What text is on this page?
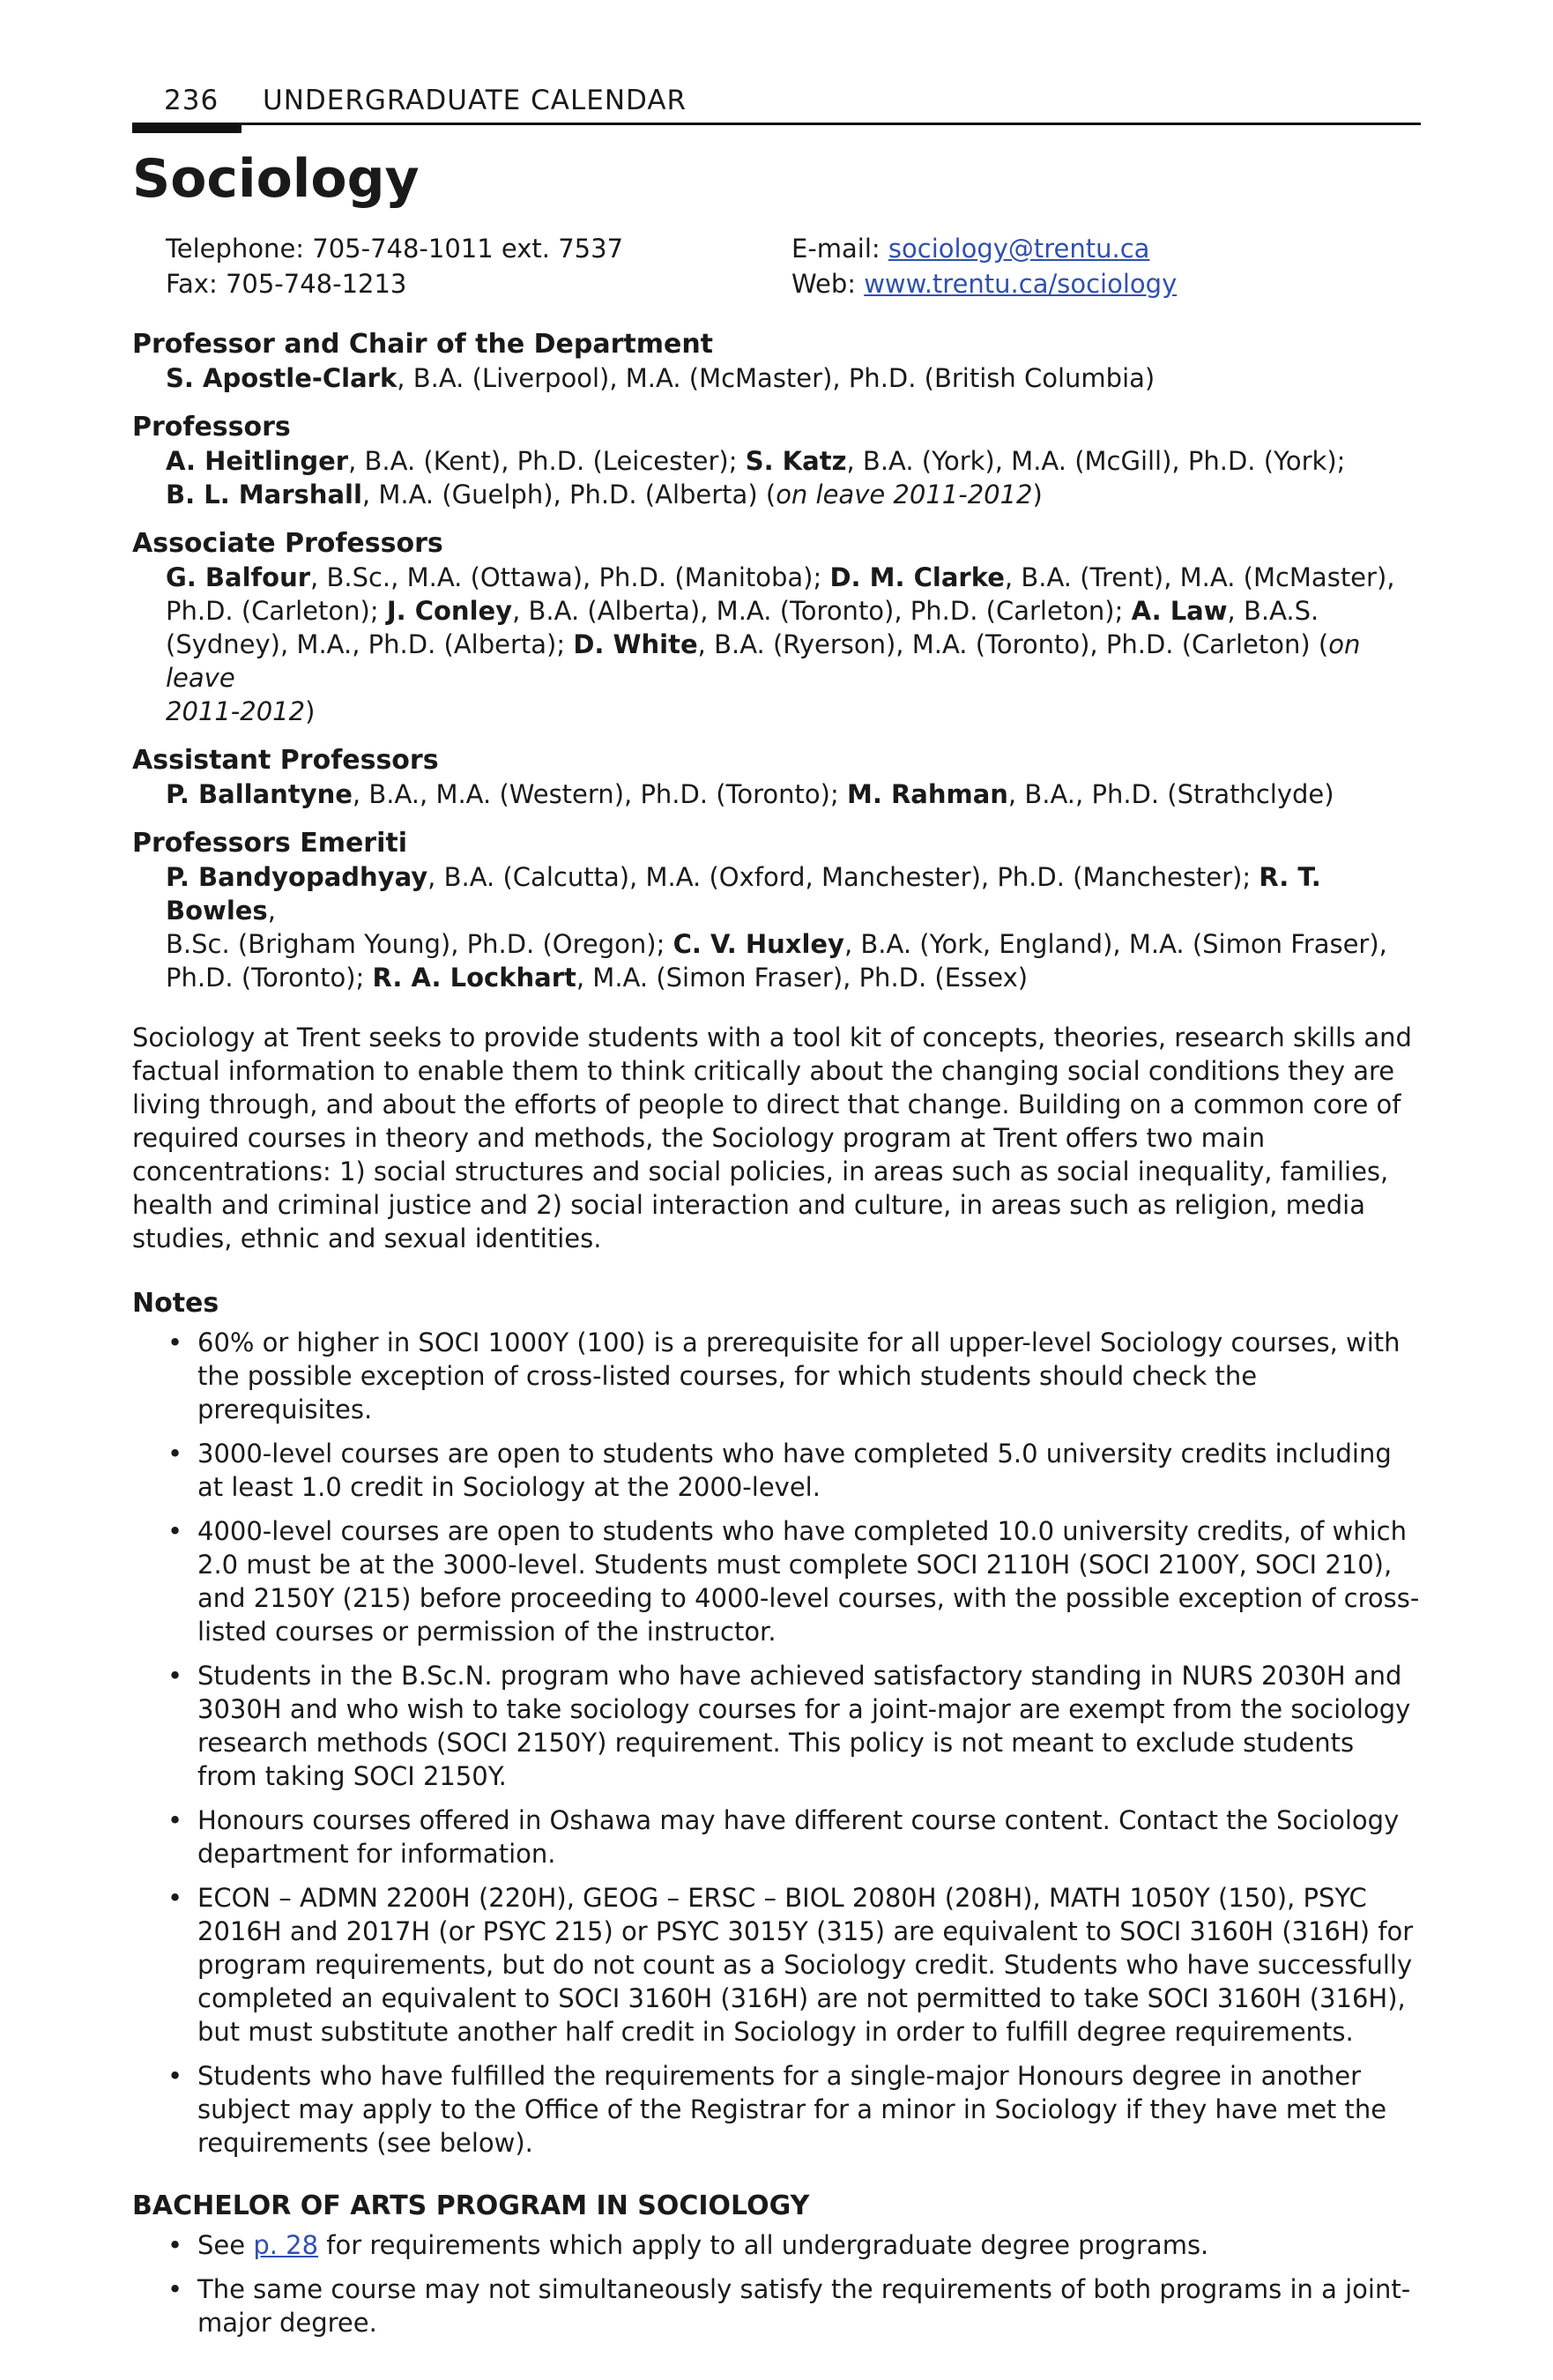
236 UNDERGRADUATE CALENDAR
Sociology
Telephone: 705-748-1011 ext. 7537
Fax: 705-748-1213
E-mail: sociology@trentu.ca
Web: www.trentu.ca/sociology
Professor and Chair of the Department
S. Apostle-Clark, B.A. (Liverpool), M.A. (McMaster), Ph.D. (British Columbia)
Professors
A. Heitlinger, B.A. (Kent), Ph.D. (Leicester); S. Katz, B.A. (York), M.A. (McGill), Ph.D. (York);
B. L. Marshall, M.A. (Guelph), Ph.D. (Alberta) (on leave 2011-2012)
Associate Professors
G. Balfour, B.Sc., M.A. (Ottawa), Ph.D. (Manitoba); D. M. Clarke, B.A. (Trent), M.A. (McMaster),
Ph.D. (Carleton); J. Conley, B.A. (Alberta), M.A. (Toronto), Ph.D. (Carleton); A. Law, B.A.S.
(Sydney), M.A., Ph.D. (Alberta); D. White, B.A. (Ryerson), M.A. (Toronto), Ph.D. (Carleton) (on leave
2011-2012)
Assistant Professors
P. Ballantyne, B.A., M.A. (Western), Ph.D. (Toronto); M. Rahman, B.A., Ph.D. (Strathclyde)
Professors Emeriti
P. Bandyopadhyay, B.A. (Calcutta), M.A. (Oxford, Manchester), Ph.D. (Manchester); R. T. Bowles,
B.Sc. (Brigham Young), Ph.D. (Oregon); C. V. Huxley, B.A. (York, England), M.A. (Simon Fraser),
Ph.D. (Toronto); R. A. Lockhart, M.A. (Simon Fraser), Ph.D. (Essex)

Sociology at Trent seeks to provide students with a tool kit of concepts, theories, research skills and factual information to enable them to think critically about the changing social conditions they are living through, and about the efforts of people to direct that change. Building on a common core of required courses in theory and methods, the Sociology program at Trent offers two main concentrations: 1) social structures and social policies, in areas such as social inequality, families, health and criminal justice and 2) social interaction and culture, in areas such as religion, media studies, ethnic and sexual identities.

Notes
• 60% or higher in SOCI 1000Y (100) is a prerequisite for all upper-level Sociology courses, with the possible exception of cross-listed courses, for which students should check the prerequisites.
• 3000-level courses are open to students who have completed 5.0 university credits including at least 1.0 credit in Sociology at the 2000-level.
• 4000-level courses are open to students who have completed 10.0 university credits, of which 2.0 must be at the 3000-level. Students must complete SOCI 2110H (SOCI 2100Y, SOCI 210), and 2150Y (215) before proceeding to 4000-level courses, with the possible exception of cross-listed courses or permission of the instructor.
• Students in the B.Sc.N. program who have achieved satisfactory standing in NURS 2030H and 3030H and who wish to take sociology courses for a joint-major are exempt from the sociology research methods (SOCI 2150Y) requirement. This policy is not meant to exclude students from taking SOCI 2150Y.
• Honours courses offered in Oshawa may have different course content. Contact the Sociology department for information.
• ECON – ADMN 2200H (220H), GEOG – ERSC – BIOL 2080H (208H), MATH 1050Y (150), PSYC 2016H and 2017H (or PSYC 215) or PSYC 3015Y (315) are equivalent to SOCI 3160H (316H) for program requirements, but do not count as a Sociology credit. Students who have successfully completed an equivalent to SOCI 3160H (316H) are not permitted to take SOCI 3160H (316H), but must substitute another half credit in Sociology in order to fulfill degree requirements.
• Students who have fulfilled the requirements for a single-major Honours degree in another subject may apply to the Office of the Registrar for a minor in Sociology if they have met the requirements (see below).
BACHELOR OF ARTS PROGRAM IN SOCIOLOGY
• See p. 28 for requirements which apply to all undergraduate degree programs.
• The same course may not simultaneously satisfy the requirements of both programs in a joint-major degree.
